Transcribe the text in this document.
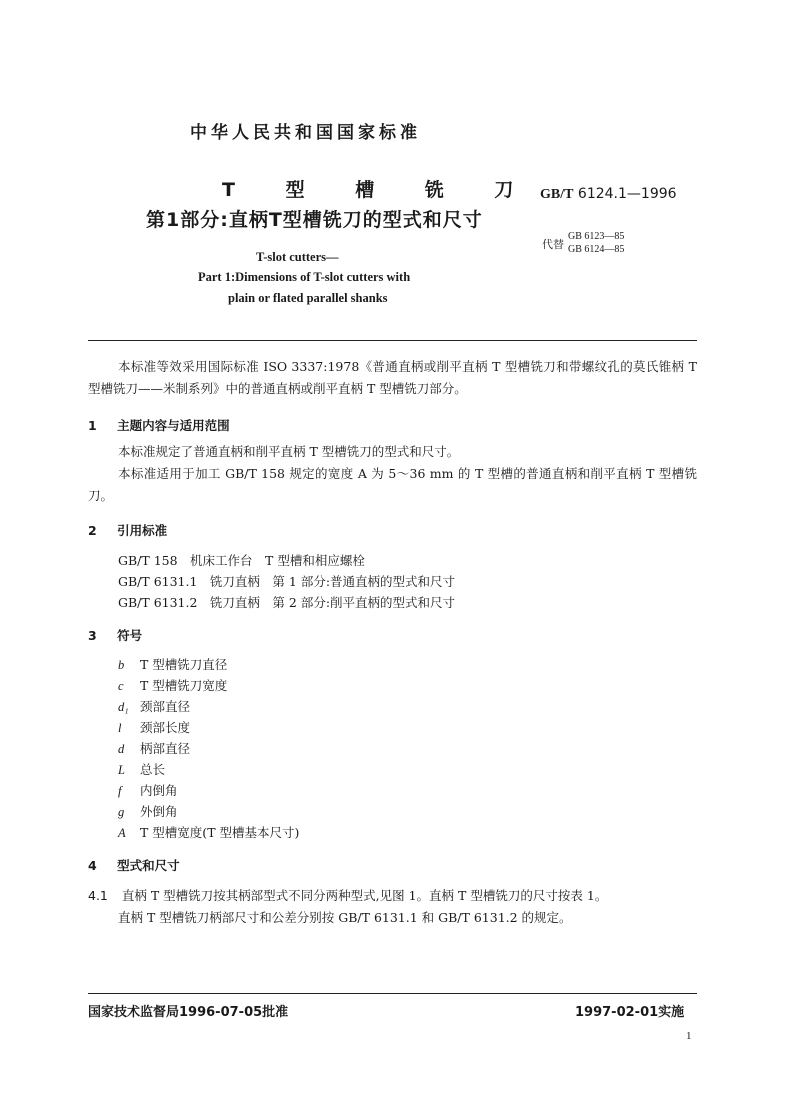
中华人民共和国国家标准
T 型 槽 铣 刀
第1部分:直柄T型槽铣刀的型式和尺寸
GB/T 6124.1—1996
代替
GB 6123—85
GB 6124—85
T-slot cutters—
Part 1:Dimensions of T-slot cutters with
plain or flated parallel shanks
本标准等效采用国际标准 ISO 3337:1978《普通直柄或削平直柄 T 型槽铣刀和带螺纹孔的莫氏锥柄 T 型槽铣刀——米制系列》中的普通直柄或削平直柄 T 型槽铣刀部分。
1 主题内容与适用范围
本标准规定了普通直柄和削平直柄 T 型槽铣刀的型式和尺寸。
本标准适用于加工 GB/T 158 规定的宽度 A 为 5～36 mm 的 T 型槽的普通直柄和削平直柄 T 型槽铣刀。
2 引用标准
GB/T 158　机床工作台　T 型槽和相应螺栓
GB/T 6131.1　铣刀直柄　第 1 部分:普通直柄的型式和尺寸
GB/T 6131.2　铣刀直柄　第 2 部分:削平直柄的型式和尺寸
3 符号
b T 型槽铣刀直径
c T 型槽铣刀宽度
d₁ 颈部直径
l 颈部长度
d 柄部直径
L 总长
f 内倒角
g 外倒角
A T 型槽宽度(T 型槽基本尺寸)
4 型式和尺寸
4.1 直柄 T 型槽铣刀按其柄部型式不同分两种型式,见图 1。直柄 T 型槽铣刀的尺寸按表 1。
直柄 T 型槽铣刀柄部尺寸和公差分别按 GB/T 6131.1 和 GB/T 6131.2 的规定。
国家技术监督局1996-07-05批准	1997-02-01实施
1
